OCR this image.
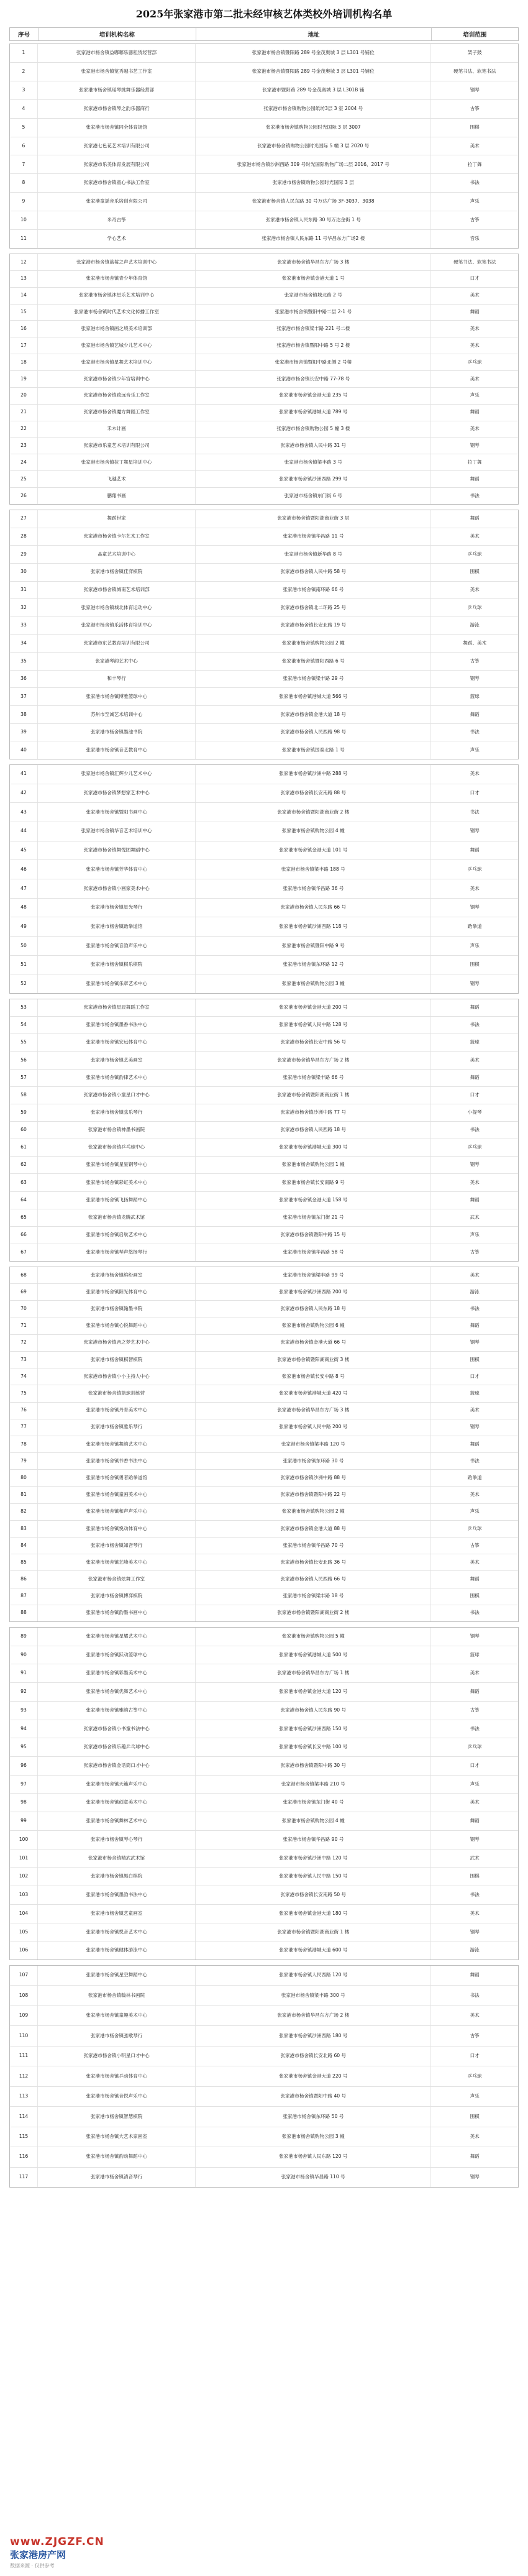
2025年张家港市第二批未经审核艺体类校外培训机构名单
序号	培训机构名称	地址	培训范围
1	张家港市杨舍镇益嘟嘟乐器租赁经营部	张家港市杨舍镇暨阳路 289 号金茂奥城 3 层 L301 号铺位	架子鼓
2	张家港市杨舍镇览秀越书艺工作室	张家港市杨舍镇暨阳路 289 号金茂奥城 3 层 L301 号铺位	硬笔书法、软笔书法
3	张家港市杨舍镇瑶琴挑舞乐器经营部	张家港市暨阳路 289 号金茂奥城 3 层 L301B 铺	钢琴
4	张家港市杨舍镇琴之韵乐器商行	张家港市杨舍镇购物公园纸坊3层 3 室 2004 号	古筝
5	张家港市杨舍镇同全体育场馆	张家港市杨舍镇购物公园时光国际 3 层 3007	围棋
6	张家港七色花艺术培训有限公司	张家港市杨舍镇购物公园时光国际 5 幢 3 层 2020 号	美术
7	张家港市乐美体育发展有限公司	张家港市杨舍镇沙洲西路 309 号时光国际购物广场二层 2016、2017 号	拉丁舞
8	张家港市杨舍镇童心书法工作室	张家港市杨舍镇购物公园时光国际 3 层	书法
9	张家港童谣音乐培训有限公司	张家港市杨舍镇人民东路 30 号万达广场 3F-3037、3038	声乐
10	米奇古筝	张家港市杨舍镇人民东路 30 号万达金街 1 号	古筝
11	学心艺术	张家港市杨舍镇人民东路 11 号华昌东方广场2 楼	音乐
12	张家港市杨舍镇蓝莓之声艺术培训中心	张家港市杨舍镇华昌东方广场 3 楼	硬笔书法、软笔书法
13	张家港市杨舍镇青少年体育馆	张家港市杨舍镇金港大道 1 号	口才
14	张家港市杨舍镇沐星乐艺术培训中心	张家港市杨舍镇城北路 2 号	美术
15	张家港市杨舍镇时代艺术文化传播工作室	张家港市杨舍镇暨阳中路二层 2-1 号	舞蹈
16	张家港市杨舍镇画之境美术培训部	张家港市杨舍镇梁丰路 221 号二楼	美术
17	张家港市杨舍镇艺城少儿艺术中心	张家港市杨舍镇暨阳中路 5 号 2 楼	美术
18	张家港市杨舍镇星舞艺术培训中心	张家港市杨舍镇暨阳中路北侧 2 号楼	乒乓球
19	张家港市杨舍镇少年宫培训中心	张家港市杨舍镇长安中路 77-78 号	美术
20	张家港市杨舍镇致远音乐工作室	张家港市杨舍镇金港大道 235 号	声乐
21	张家港市杨舍镇魔方舞蹈工作室	张家港市杨舍镇港城大道 789 号	舞蹈
22	禾木计画	张家港市杨舍镇购物公园 5 幢 3 楼	美术
23	张家港市乐童艺术培训有限公司	张家港市杨舍镇人民中路 31 号	钢琴
24	张家港市杨舍镇拉丁舞星培训中心	张家港市杨舍镇梁丰路 3 号	拉丁舞
25	飞越艺术	张家港市杨舍镇沙洲西路 299 号	舞蹈
26	鹏翔书画	张家港市杨舍镇东门街 6 号	书法
27	舞蹈世家	张家港市杨舍镇暨阳湖商业街 3 层	舞蹈
28	张家港市杨舍镇卡尔艺术工作室	张家港市杨舍镇华昌路 11 号	美术
29	晶童艺术培训中心	张家港市杨舍镇新华路 8 号	乒乓球
30	张家港市杨舍镇佳弈棋院	张家港市杨舍镇人民中路 58 号	围棋
31	张家港市杨舍镇城南艺术培训部	张家港市杨舍镇南环路 66 号	美术
32	张家港市杨舍镇城北体育运动中心	张家港市杨舍镇北二环路 25 号	乒乓球
33	张家港市杨舍镇乐活体育培训中心	张家港市杨舍镇长安北路 19 号	游泳
34	张家港市东艺教育培训有限公司	张家港市杨舍镇购物公园 2 幢	舞蹈、美术
35	张家港琴韵艺术中心	张家港市杨舍镇暨阳西路 6 号	古筝
36	和丰琴行	张家港市杨舍镇梁丰路 29 号	钢琴
37	张家港市杨舍镇博雅篮球中心	张家港市杨舍镇港城大道 566 号	篮球
38	苏州市至诚艺术培训中心	张家港市杨舍镇金港大道 18 号	舞蹈
39	张家港市杨舍镇墨池书院	张家港市杨舍镇人民西路 98 号	书法
40	张家港市杨舍镇音艺教育中心	张家港市杨舍镇国泰北路 1 号	声乐
41	张家港市杨舍镇汇辉少儿艺术中心	张家港市杨舍镇沙洲中路 288 号	美术
42	张家港市杨舍镇梦想家艺术中心	张家港市杨舍镇长安南路 88 号	口才
43	张家港市杨舍镇暨阳书画中心	张家港市杨舍镇暨阳湖商业街 2 楼	书法
44	张家港市杨舍镇华音艺术培训中心	张家港市杨舍镇购物公园 4 幢	钢琴
45	张家港市杨舍镇舞悦团舞蹈中心	张家港市杨舍镇金港大道 101 号	舞蹈
46	张家港市杨舍镇芳华体育中心	张家港市杨舍镇梁丰路 188 号	乒乓球
47	张家港市杨舍镇小画家美术中心	张家港市杨舍镇华昌路 36 号	美术
48	张家港市杨舍镇星光琴行	张家港市杨舍镇人民东路 66 号	钢琴
49	张家港市杨舍镇跆拳道馆	张家港市杨舍镇沙洲西路 118 号	跆拳道
50	张家港市杨舍镇音韵声乐中心	张家港市杨舍镇暨阳中路 9 号	声乐
51	张家港市杨舍镇棋乐棋院	张家港市杨舍镇东环路 12 号	围棋
52	张家港市杨舍镇乐章艺术中心	张家港市杨舍镇购物公园 3 幢	钢琴
53	张家港市杨舍镇星辰舞蹈工作室	张家港市杨舍镇金港大道 200 号	舞蹈
54	张家港市杨舍镇墨香书法中心	张家港市杨舍镇人民中路 128 号	书法
55	张家港市杨舍镇宏远体育中心	张家港市杨舍镇长安中路 56 号	篮球
56	张家港市杨舍镇艺美画室	张家港市杨舍镇华昌东方广场 2 楼	美术
57	张家港市杨舍镇韵律艺术中心	张家港市杨舍镇梁丰路 66 号	舞蹈
58	张家港市杨舍镇小童星口才中心	张家港市杨舍镇暨阳湖商业街 1 楼	口才
59	张家港市杨舍镇弦乐琴行	张家港市杨舍镇沙洲中路 77 号	小提琴
60	张家港市杨舍镇神墨书画院	张家港市杨舍镇人民西路 18 号	书法
61	张家港市杨舍镇乒乓球中心	张家港市杨舍镇港城大道 300 号	乒乓球
62	张家港市杨舍镇星星钢琴中心	张家港市杨舍镇购物公园 1 幢	钢琴
63	张家港市杨舍镇彩虹美术中心	张家港市杨舍镇长安南路 9 号	美术
64	张家港市杨舍镇飞扬舞蹈中心	张家港市杨舍镇金港大道 158 号	舞蹈
65	张家港市杨舍镇龙腾武术馆	张家港市杨舍镇东门街 21 号	武术
66	张家港市杨舍镇启航艺术中心	张家港市杨舍镇暨阳中路 15 号	声乐
67	张家港市杨舍镇琴声悠扬琴行	张家港市杨舍镇华昌路 58 号	古筝
68	张家港市杨舍镇缤纷画室	张家港市杨舍镇梁丰路 99 号	美术
69	张家港市杨舍镇阳光体育中心	张家港市杨舍镇沙洲西路 200 号	游泳
70	张家港市杨舍镇翰墨书院	张家港市杨舍镇人民东路 18 号	书法
71	张家港市杨舍镇心悦舞蹈中心	张家港市杨舍镇购物公园 6 幢	舞蹈
72	张家港市杨舍镇音之梦艺术中心	张家港市杨舍镇金港大道 66 号	钢琴
73	张家港市杨舍镇棋智棋院	张家港市杨舍镇暨阳湖商业街 3 楼	围棋
74	张家港市杨舍镇小小主持人中心	张家港市杨舍镇长安中路 8 号	口才
75	张家港市杨舍镇篮球训练营	张家港市杨舍镇港城大道 420 号	篮球
76	张家港市杨舍镇丹青美术中心	张家港市杨舍镇华昌东方广场 3 楼	美术
77	张家港市杨舍镇雅乐琴行	张家港市杨舍镇人民中路 200 号	钢琴
78	张家港市杨舍镇舞韵艺术中心	张家港市杨舍镇梁丰路 120 号	舞蹈
79	张家港市杨舍镇书香书法中心	张家港市杨舍镇东环路 30 号	书法
80	张家港市杨舍镇勇者跆拳道馆	张家港市杨舍镇沙洲中路 88 号	跆拳道
81	张家港市杨舍镇童画美术中心	张家港市杨舍镇暨阳中路 22 号	美术
82	张家港市杨舍镇和声声乐中心	张家港市杨舍镇购物公园 2 幢	声乐
83	张家港市杨舍镇悦动体育中心	张家港市杨舍镇金港大道 88 号	乒乓球
84	张家港市杨舍镇知音琴行	张家港市杨舍镇华昌路 70 号	古筝
85	张家港市杨舍镇艺峰美术中心	张家港市杨舍镇长安北路 36 号	美术
86	张家港市杨舍镇炫舞工作室	张家港市杨舍镇人民西路 66 号	舞蹈
87	张家港市杨舍镇博弈棋院	张家港市杨舍镇梁丰路 18 号	围棋
88	张家港市杨舍镇韵墨书画中心	张家港市杨舍镇暨阳湖商业街 2 楼	书法
89	张家港市杨舍镇星耀艺术中心	张家港市杨舍镇购物公园 5 幢	钢琴
90	张家港市杨舍镇跃动篮球中心	张家港市杨舍镇港城大道 500 号	篮球
91	张家港市杨舍镇彩墨美术中心	张家港市杨舍镇华昌东方广场 1 楼	美术
92	张家港市杨舍镇优舞艺术中心	张家港市杨舍镇金港大道 120 号	舞蹈
93	张家港市杨舍镇雅韵古筝中心	张家港市杨舍镇人民东路 90 号	古筝
94	张家港市杨舍镇小书童书法中心	张家港市杨舍镇沙洲西路 150 号	书法
95	张家港市杨舍镇乐趣乒乓球中心	张家港市杨舍镇长安中路 100 号	乒乓球
96	张家港市杨舍镇金话筒口才中心	张家港市杨舍镇暨阳中路 30 号	口才
97	张家港市杨舍镇天籁声乐中心	张家港市杨舍镇梁丰路 210 号	声乐
98	张家港市杨舍镇创意美术中心	张家港市杨舍镇东门街 40 号	美术
99	张家港市杨舍镇舞林艺术中心	张家港市杨舍镇购物公园 4 幢	舞蹈
100	张家港市杨舍镇琴心琴行	张家港市杨舍镇华昌路 90 号	钢琴
101	张家港市杨舍镇精武武术馆	张家港市杨舍镇沙洲中路 120 号	武术
102	张家港市杨舍镇黑白棋院	张家港市杨舍镇人民中路 150 号	围棋
103	张家港市杨舍镇墨韵书法中心	张家港市杨舍镇长安南路 50 号	书法
104	张家港市杨舍镇艺童画室	张家港市杨舍镇金港大道 180 号	美术
105	张家港市杨舍镇悦音艺术中心	张家港市杨舍镇暨阳湖商业街 1 楼	钢琴
106	张家港市杨舍镇健体游泳中心	张家港市杨舍镇港城大道 600 号	游泳
107	张家港市杨舍镇星空舞蹈中心	张家港市杨舍镇人民西路 120 号	舞蹈
108	张家港市杨舍镇翰林书画院	张家港市杨舍镇梁丰路 300 号	书法
109	张家港市杨舍镇童趣美术中心	张家港市杨舍镇华昌东方广场 2 楼	美术
110	张家港市杨舍镇弦歌琴行	张家港市杨舍镇沙洲西路 180 号	古筝
111	张家港市杨舍镇小明星口才中心	张家港市杨舍镇长安北路 60 号	口才
112	张家港市杨舍镇乒动体育中心	张家港市杨舍镇金港大道 220 号	乒乓球
113	张家港市杨舍镇音悦声乐中心	张家港市杨舍镇暨阳中路 40 号	声乐
114	张家港市杨舍镇智慧棋院	张家港市杨舍镇东环路 50 号	围棋
115	张家港市杨舍镇大艺术家画室	张家港市杨舍镇购物公园 3 幢	美术
116	张家港市杨舍镇韵动舞蹈中心	张家港市杨舍镇人民东路 120 号	舞蹈
117	张家港市杨舍镇清音琴行	张家港市杨舍镇华昌路 110 号	钢琴
www.ZJGZF.CN
张家港房产网
数据来源 · 仅供参考
